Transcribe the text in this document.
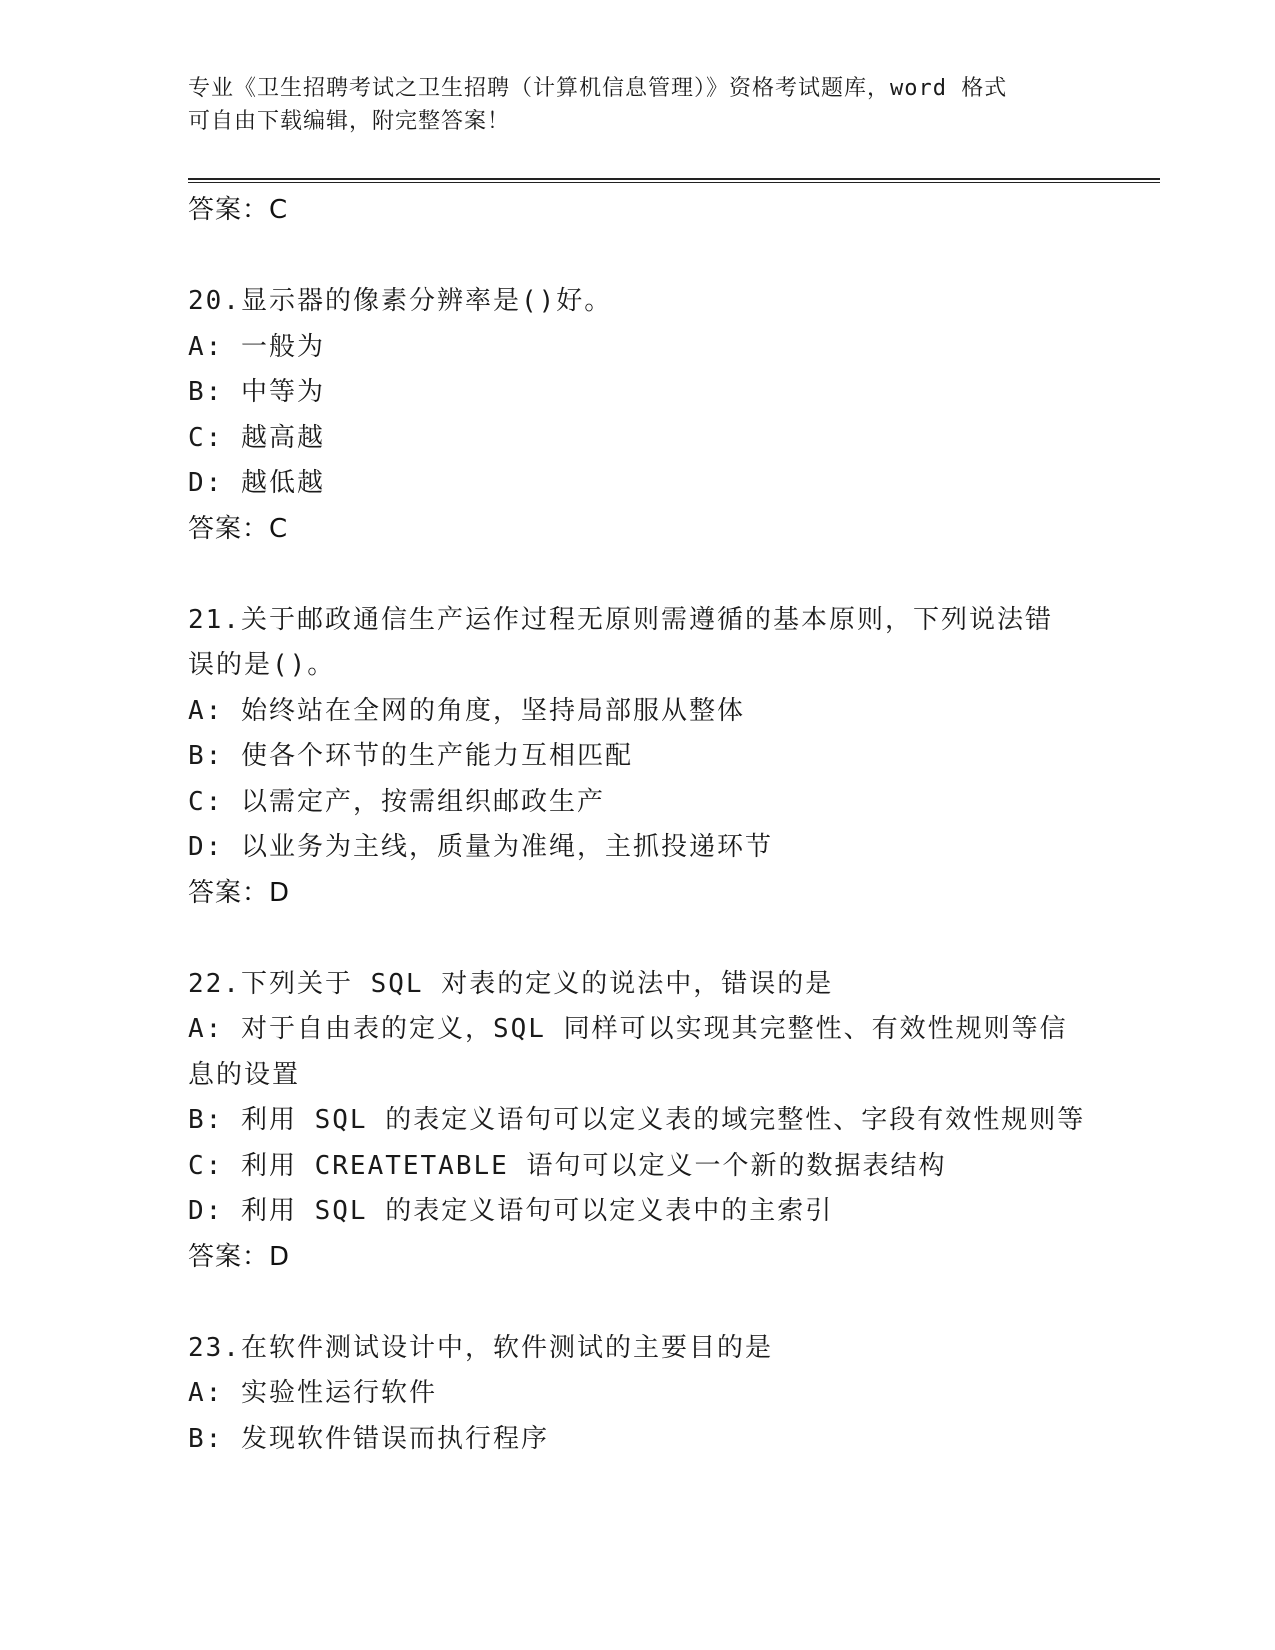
专业《卫生招聘考试之卫生招聘（计算机信息管理）》资格考试题库，word 格式
可自由下载编辑，附完整答案！

答案：C

20.显示器的像素分辨率是()好。

A: 一般为

B: 中等为

C: 越高越

D: 越低越

答案：C

21.关于邮政通信生产运作过程无原则需遵循的基本原则，下列说法错

误的是()。

A: 始终站在全网的角度，坚持局部服从整体

B: 使各个环节的生产能力互相匹配

C: 以需定产，按需组织邮政生产

D: 以业务为主线，质量为准绳，主抓投递环节

答案：D

22.下列关于 SQL 对表的定义的说法中，错误的是

A: 对于自由表的定义，SQL 同样可以实现其完整性、有效性规则等信

息的设置

B: 利用 SQL 的表定义语句可以定义表的域完整性、字段有效性规则等

C: 利用 CREATETABLE 语句可以定义一个新的数据表结构

D: 利用 SQL 的表定义语句可以定义表中的主索引

答案：D

23.在软件测试设计中，软件测试的主要目的是

A: 实验性运行软件

B: 发现软件错误而执行程序
